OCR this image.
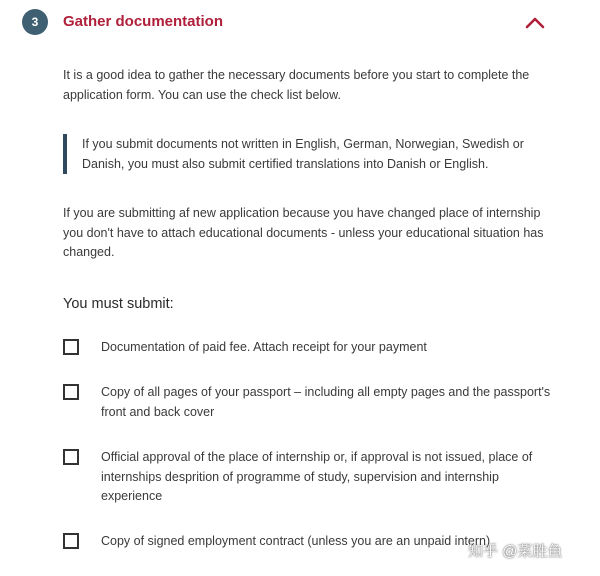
3	Gather documentation

It is a good idea to gather the necessary documents before you start to complete the application form. You can use the check list below.

If you submit documents not written in English, German, Norwegian, Swedish or Danish, you must also submit certified translations into Danish or English.

If you are submitting af new application because you have changed place of internship you don't have to attach educational documents - unless your educational situation has changed.

You must submit:
Documentation of paid fee. Attach receipt for your payment
Copy of all pages of your passport – including all empty pages and the passport's front and back cover
Official approval of the place of internship or, if approval is not issued, place of internships desprition of programme of study, supervision and internship experience
Copy of signed employment contract (unless you are an unpaid intern)
知乎 @菜胜鱼
